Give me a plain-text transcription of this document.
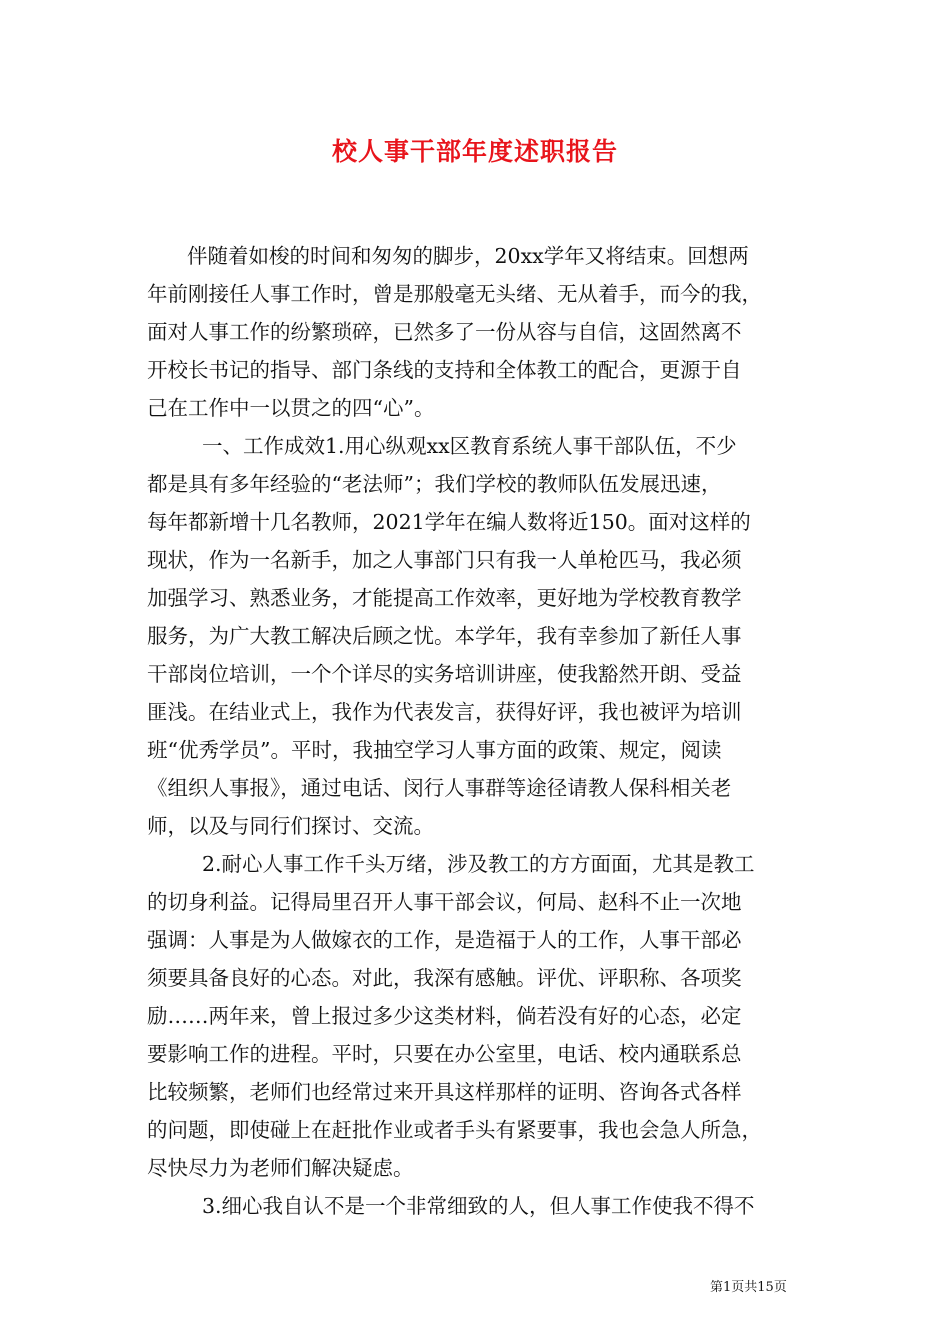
校人事干部年度述职报告
伴随着如梭的时间和匆匆的脚步，20xx学年又将结束。回想两
年前刚接任人事工作时，曾是那般毫无头绪、无从着手，而今的我，
面对人事工作的纷繁琐碎，已然多了一份从容与自信，这固然离不
开校长书记的指导、部门条线的支持和全体教工的配合，更源于自
己在工作中一以贯之的四“心”。
一、工作成效1.用心纵观xx区教育系统人事干部队伍，不少
都是具有多年经验的“老法师”；我们学校的教师队伍发展迅速，
每年都新增十几名教师，2021学年在编人数将近150。面对这样的
现状，作为一名新手，加之人事部门只有我一人单枪匹马，我必须
加强学习、熟悉业务，才能提高工作效率，更好地为学校教育教学
服务，为广大教工解决后顾之忧。本学年，我有幸参加了新任人事
干部岗位培训，一个个详尽的实务培训讲座，使我豁然开朗、受益
匪浅。在结业式上，我作为代表发言，获得好评，我也被评为培训
班“优秀学员”。平时，我抽空学习人事方面的政策、规定，阅读
《组织人事报》，通过电话、闵行人事群等途径请教人保科相关老
师，以及与同行们探讨、交流。
2.耐心人事工作千头万绪，涉及教工的方方面面，尤其是教工
的切身利益。记得局里召开人事干部会议，何局、赵科不止一次地
强调：人事是为人做嫁衣的工作，是造福于人的工作，人事干部必
须要具备良好的心态。对此，我深有感触。评优、评职称、各项奖
励……两年来，曾上报过多少这类材料，倘若没有好的心态，必定
要影响工作的进程。平时，只要在办公室里，电话、校内通联系总
比较频繁，老师们也经常过来开具这样那样的证明、咨询各式各样
的问题，即使碰上在赶批作业或者手头有紧要事，我也会急人所急，
尽快尽力为老师们解决疑虑。
3.细心我自认不是一个非常细致的人，但人事工作使我不得不
第1页共15页
